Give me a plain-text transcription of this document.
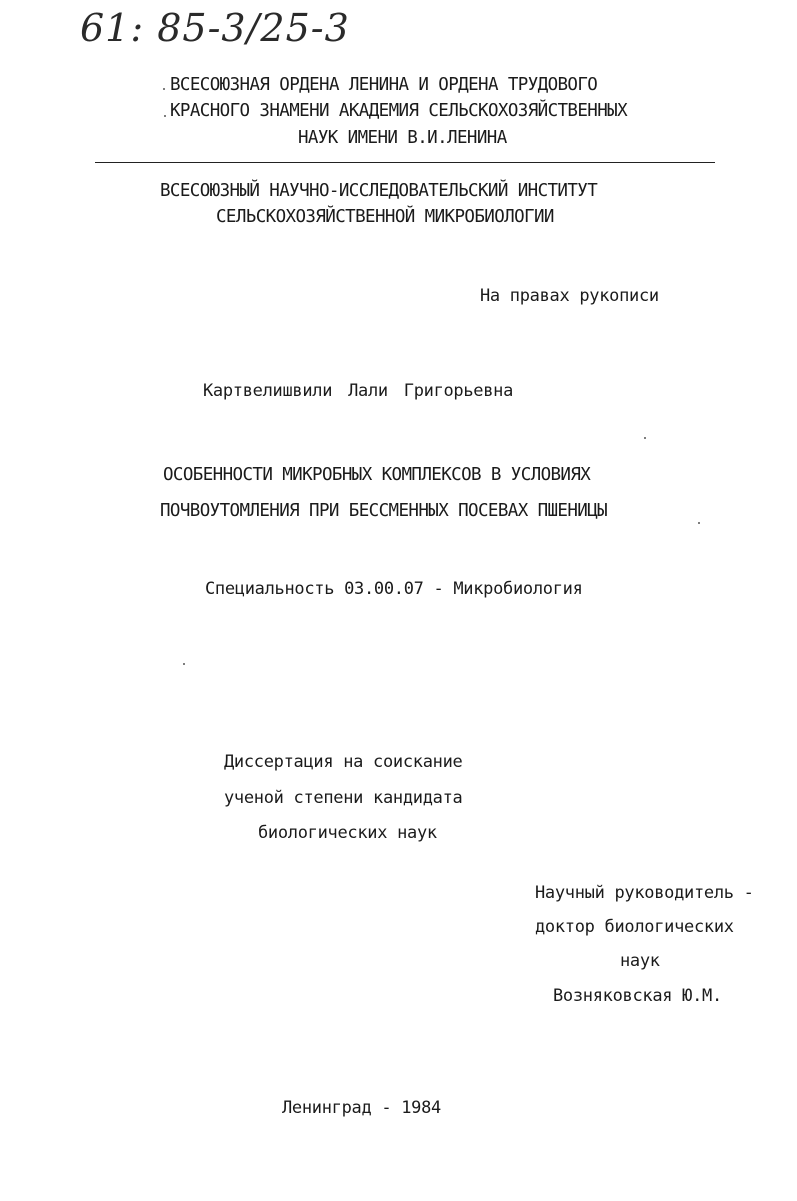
61: 85-3/25-3
ВСЕСОЮЗНАЯ ОРДЕНА ЛЕНИНА И ОРДЕНА ТРУДОВОГО
КРАСНОГО ЗНАМЕНИ АКАДЕМИЯ СЕЛЬСКОХОЗЯЙСТВЕННЫХ
НАУК ИМЕНИ В.И.ЛЕНИНА
ВСЕСОЮЗНЫЙ НАУЧНО-ИССЛЕДОВАТЕЛЬСКИЙ ИНСТИТУТ
СЕЛЬСКОХОЗЯЙСТВЕННОЙ МИКРОБИОЛОГИИ
На правах рукописи
Картвелишвили Лали Григорьевна
ОСОБЕННОСТИ МИКРОБНЫХ КОМПЛЕКСОВ В УСЛОВИЯХ
ПОЧВОУТОМЛЕНИЯ ПРИ БЕССМЕННЫХ ПОСЕВАХ ПШЕНИЦЫ
Специальность 03.00.07 - Микробиология
Диссертация на соискание
ученой степени кандидата
биологических наук
Научный руководитель -
доктор биологических
наук
Возняковская Ю.М.
Ленинград - 1984
